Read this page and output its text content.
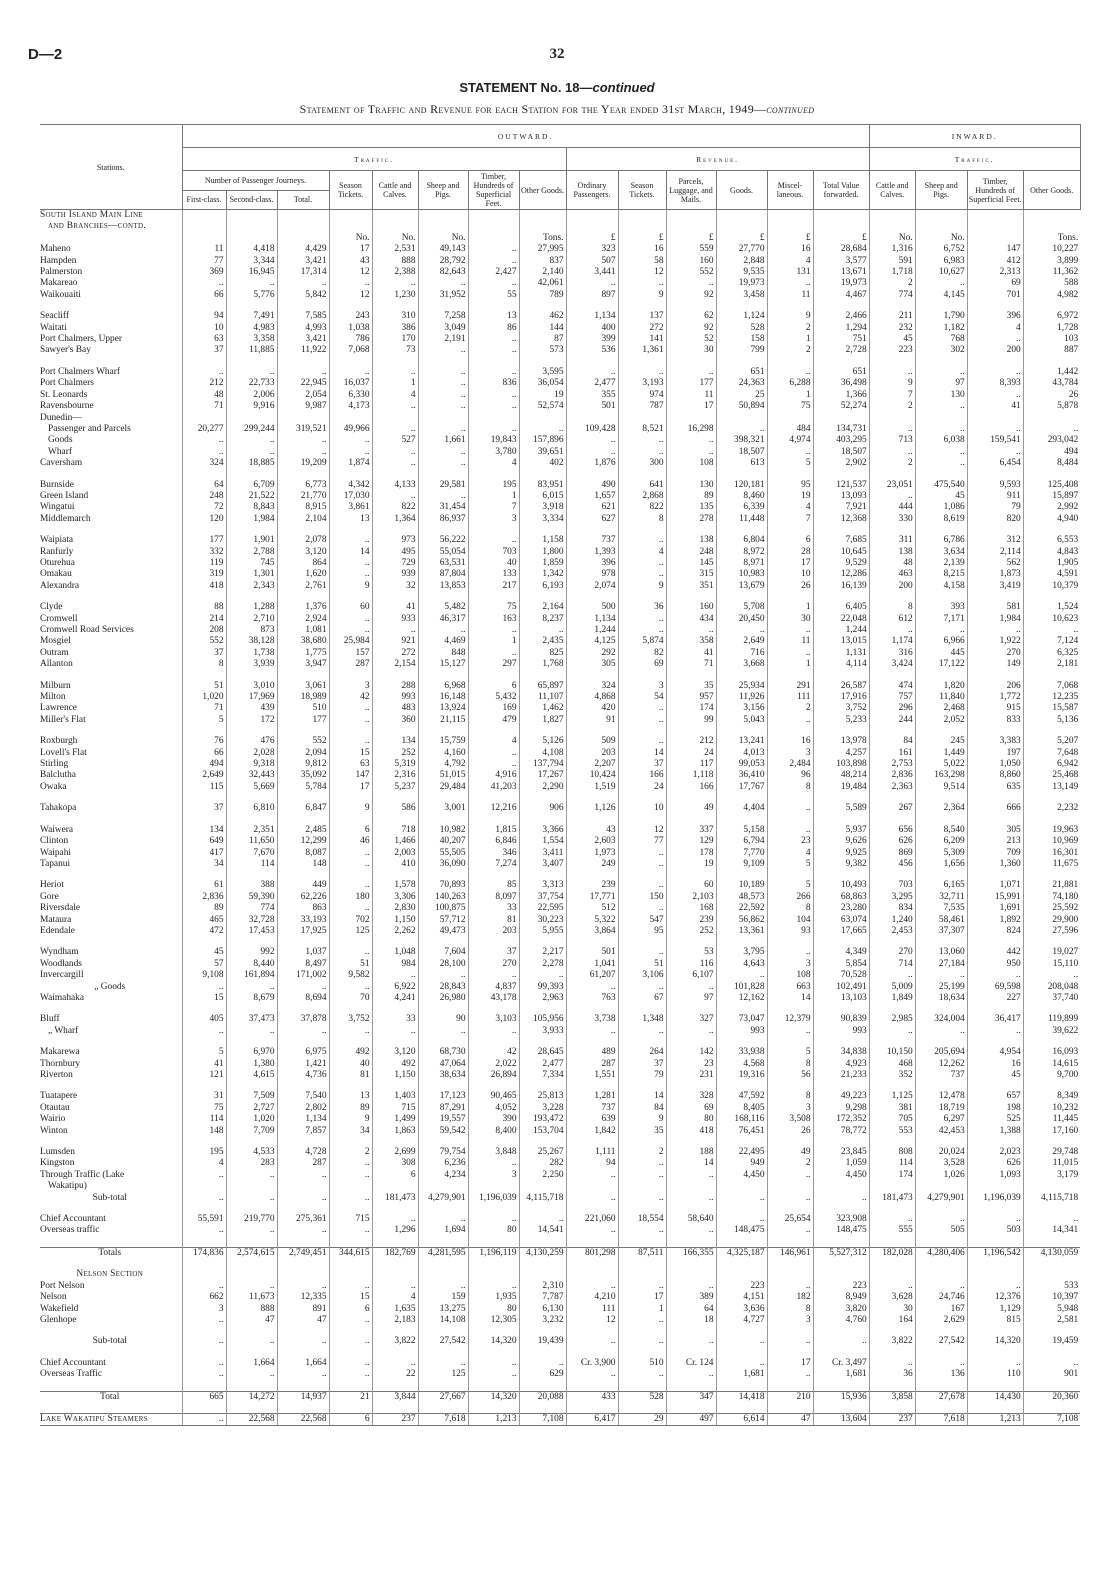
D—2	32
STATEMENT No. 18—continued
Statement of Traffic and Revenue for each Station for the Year ended 31st March, 1949—continued
Stations.	OUTWARD.														INWARD.			
	Traffic.								Revenue.						Traffic.			
	Number of Passenger Journeys.			Season Tickets.	Cattle and Calves.	Sheep and Pigs.	Timber, Hundreds of Superficial Feet.	Other Goods.	Ordinary Passengers.	Season Tickets.	Parcels, Luggage, and Mails.	Goods.	Miscel-laneous.	Total Value forwarded.	Cattle and Calves.	Sheep and Pigs.	Timber, Hundreds of Superficial Feet.	Other Goods.
	First-class.	Second-class.	Total.															
South Island Main Line																		
and Branches—contd.																		
				No.	No.	No.		Tons.	£	£	£	£	£	£	No.	No.		Tons.
Maheno	11	4,418	4,429	17	2,531	49,143	..	27,995	323	16	559	27,770	16	28,684	1,316	6,752	147	10,227
Hampden	77	3,344	3,421	43	888	28,792	..	837	507	58	160	2,848	4	3,577	591	6,983	412	3,899
Palmerston	369	16,945	17,314	12	2,388	82,643	2,427	2,140	3,441	12	552	9,535	131	13,671	1,718	10,627	2,313	11,362
Makareao	..	..	..	..	..	..	..	42,061	..	..	..	19,973	..	19,973	2	..	69	588
Waikouaiti	66	5,776	5,842	12	1,230	31,952	55	789	897	9	92	3,458	11	4,467	774	4,145	701	4,982

Seacliff	94	7,491	7,585	243	310	7,258	13	462	1,134	137	62	1,124	9	2,466	211	1,790	396	6,972
Waitati	10	4,983	4,993	1,038	386	3,049	86	144	400	272	92	528	2	1,294	232	1,182	4	1,728
Port Chalmers, Upper	63	3,358	3,421	786	170	2,191	..	87	399	141	52	158	1	751	45	768	..	103
Sawyer's Bay	37	11,885	11,922	7,068	73	..	..	573	536	1,361	30	799	2	2,728	223	302	200	887

Port Chalmers Wharf	..	..	..	..	..	..	..	3,595	..	..	..	651	..	651	..	..	..	1,442
Port Chalmers	212	22,733	22,945	16,037	1	..	836	36,054	2,477	3,193	177	24,363	6,288	36,498	9	97	8,393	43,784
St. Leonards	48	2,006	2,054	6,330	4	..	..	19	355	974	11	25	1	1,366	7	130	..	26
Ravensbourne	71	9,916	9,987	4,173	..	..	..	52,574	501	787	17	50,894	75	52,274	2	..	41	5,878
Dunedin—																		
Passenger and Parcels	20,277	299,244	319,521	49,966	..	..	..	..	109,428	8,521	16,298	..	484	134,731	..	..	..	..
Goods	..	..	..	..	527	1,661	19,843	157,896	..	..	..	398,321	4,974	403,295	713	6,038	159,541	293,042
Wharf	..	..	..	..	..	..	3,780	39,651	..	..	..	18,507	..	18,507	..	..	..	494
Caversham	324	18,885	19,209	1,874	..	..	4	402	1,876	300	108	613	5	2,902	2	..	6,454	8,484

Burnside	64	6,709	6,773	4,342	4,133	29,581	195	83,951	490	641	130	120,181	95	121,537	23,051	475,540	9,593	125,408
Green Island	248	21,522	21,770	17,030	..	..	1	6,015	1,657	2,868	89	8,460	19	13,093	..	45	911	15,897
Wingatui	72	8,843	8,915	3,861	822	31,454	7	3,918	621	822	135	6,339	4	7,921	444	1,086	79	2,992
Middlemarch	120	1,984	2,104	13	1,364	86,937	3	3,334	627	8	278	11,448	7	12,368	330	8,619	820	4,940

Waipiata	177	1,901	2,078	..	973	56,222	..	1,158	737	..	138	6,804	6	7,685	311	6,786	312	6,553
Ranfurly	332	2,788	3,120	14	495	55,054	703	1,800	1,393	4	248	8,972	28	10,645	138	3,634	2,114	4,843
Oturehua	119	745	864	..	729	63,531	40	1,859	396	..	145	8,971	17	9,529	48	2,139	562	1,905
Omakau	319	1,301	1,620	..	939	87,804	133	1,342	978	..	315	10,983	10	12,286	463	8,215	1,873	4,591
Alexandra	418	2,343	2,761	9	32	13,853	217	6,193	2,074	9	351	13,679	26	16,139	200	4,158	3,419	10,379

Clyde	88	1,288	1,376	60	41	5,482	75	2,164	500	36	160	5,708	1	6,405	8	393	581	1,524
Cromwell	214	2,710	2,924	..	933	46,317	163	8,237	1,134	..	434	20,450	30	22,048	612	7,171	1,984	10,623
Cromwell Road Services	208	873	1,081	..	..	..	..	..	1,244	..	..	..	..	1,244	..	..	..	..
Mosgiel	552	38,128	38,680	25,984	921	4,469	1	2,435	4,125	5,874	358	2,649	11	13,015	1,174	6,966	1,922	7,124
Outram	37	1,738	1,775	157	272	848	..	825	292	82	41	716	..	1,131	316	445	270	6,325
Allanton	8	3,939	3,947	287	2,154	15,127	297	1,768	305	69	71	3,668	1	4,114	3,424	17,122	149	2,181

Milburn	51	3,010	3,061	3	288	6,968	6	65,897	324	3	35	25,934	291	26,587	474	1,820	206	7,068
Milton	1,020	17,969	18,989	42	993	16,148	5,432	11,107	4,868	54	957	11,926	111	17,916	757	11,840	1,772	12,235
Lawrence	71	439	510	..	483	13,924	169	1,462	420	..	174	3,156	2	3,752	296	2,468	915	15,587
Miller's Flat	5	172	177	..	360	21,115	479	1,827	91	..	99	5,043	..	5,233	244	2,052	833	5,136

Roxburgh	76	476	552	..	134	15,759	4	5,126	509	..	212	13,241	16	13,978	84	245	3,383	5,207
Lovell's Flat	66	2,028	2,094	15	252	4,160	..	4,108	203	14	24	4,013	3	4,257	161	1,449	197	7,648
Stirling	494	9,318	9,812	63	5,319	4,792	..	137,794	2,207	37	117	99,053	2,484	103,898	2,753	5,022	1,050	6,942
Balclutha	2,649	32,443	35,092	147	2,316	51,015	4,916	17,267	10,424	166	1,118	36,410	96	48,214	2,836	163,298	8,860	25,468
Owaka	115	5,669	5,784	17	5,237	29,484	41,203	2,290	1,519	24	166	17,767	8	19,484	2,363	9,514	635	13,149

Tahakopa	37	6,810	6,847	9	586	3,001	12,216	906	1,126	10	49	4,404	..	5,589	267	2,364	666	2,232

Waiwera	134	2,351	2,485	6	718	10,982	1,815	3,366	43	12	337	5,158	..	5,937	656	8,540	305	19,963
Clinton	649	11,650	12,299	46	1,466	40,207	6,846	1,554	2,603	77	129	6,794	23	9,626	626	6,209	213	10,969
Waipahi	417	7,670	8,087	..	2,003	55,505	346	3,411	1,973	..	178	7,770	4	9,925	869	5,309	709	16,301
Tapanui	34	114	148	..	410	36,090	7,274	3,407	249	..	19	9,109	5	9,382	456	1,656	1,360	11,675

Heriot	61	388	449	..	1,578	70,893	85	3,313	239	..	60	10,189	5	10,493	703	6,165	1,071	21,881
Gore	2,836	59,390	62,226	180	3,306	140,263	8,097	37,754	17,771	150	2,103	48,573	266	68,863	3,295	32,711	15,991	74,180
Riversdale	89	774	863	..	2,830	100,875	33	22,595	512	..	168	22,592	8	23,280	834	7,535	1,691	25,592
Mataura	465	32,728	33,193	702	1,150	57,712	81	30,223	5,322	547	239	56,862	104	63,074	1,240	58,461	1,892	29,900
Edendale	472	17,453	17,925	125	2,262	49,473	203	5,955	3,864	95	252	13,361	93	17,665	2,453	37,307	824	27,596

Wyndham	45	992	1,037	..	1,048	7,604	37	2,217	501	..	53	3,795	..	4,349	270	13,060	442	19,027
Woodlands	57	8,440	8,497	51	984	28,100	270	2,278	1,041	51	116	4,643	3	5,854	714	27,184	950	15,110
Invercargill	9,108	161,894	171,002	9,582	..	..	..	..	61,207	3,106	6,107	..	108	70,528	..	..	..	..
„ Goods	..	..	..	..	6,922	28,843	4,837	99,393	..	..	..	101,828	663	102,491	5,009	25,199	69,598	208,048
Waimahaka	15	8,679	8,694	70	4,241	26,980	43,178	2,963	763	67	97	12,162	14	13,103	1,849	18,634	227	37,740

Bluff	405	37,473	37,878	3,752	33	90	3,103	105,956	3,738	1,348	327	73,047	12,379	90,839	2,985	324,004	36,417	119,899
„ Wharf	..	..	..	..	..	..	..	3,933	..	..	..	993	..	993	..	..	..	39,622

Makarewa	5	6,970	6,975	492	3,120	68,730	42	28,645	489	264	142	33,938	5	34,838	10,150	205,694	4,954	16,093
Thornbury	41	1,380	1,421	40	492	47,064	2,022	2,477	287	37	23	4,568	8	4,923	468	12,262	16	14,615
Riverton	121	4,615	4,736	81	1,150	38,634	26,894	7,334	1,551	79	231	19,316	56	21,233	352	737	45	9,700

Tuatapere	31	7,509	7,540	13	1,403	17,123	90,465	25,813	1,281	14	328	47,592	8	49,223	1,125	12,478	657	8,349
Otautau	75	2,727	2,802	89	715	87,291	4,052	3,228	737	84	69	8,405	3	9,298	381	18,719	198	10,232
Wairio	114	1,020	1,134	9	1,499	19,557	390	193,472	639	9	80	168,116	3,508	172,352	705	6,297	525	11,445
Winton	148	7,709	7,857	34	1,863	59,542	8,400	153,704	1,842	35	418	76,451	26	78,772	553	42,453	1,388	17,160

Lumsden	195	4,533	4,728	2	2,699	79,754	3,848	25,267	1,111	2	188	22,495	49	23,845	808	20,024	2,023	29,748
Kingston	4	283	287	..	308	6,236	..	282	94	..	14	949	2	1,059	114	3,528	626	11,015
Through Traffic (Lake	..	..	..	..	6	4,234	3	2,250	..	..	..	4,450	..	4,450	174	1,026	1,093	3,179
Wakatipu)																		
Sub-total	..	..	..	..	181,473	4,279,901	1,196,039	4,115,718	..	..	..	..	..	..	181,473	4,279,901	1,196,039	4,115,718

Chief Accountant	55,591	219,770	275,361	715	..	..	..	..	221,060	18,554	58,640	..	25,654	323,908	..	..	..	..
Overseas traffic	..	..	..	..	1,296	1,694	80	14,541	..	..	..	148,475	..	148,475	555	505	503	14,341

Totals	174,836	2,574,615	2,749,451	344,615	182,769	4,281,595	1,196,119	4,130,259	801,298	87,511	166,355	4,325,187	146,961	5,527,312	182,028	4,280,406	1,196,542	4,130,059

Nelson Section																		
Port Nelson	..	..	..	..	..	..	..	2,310	..	..	..	223	..	223	..	..	..	533
Nelson	662	11,673	12,335	15	4	159	1,935	7,787	4,210	17	389	4,151	182	8,949	3,628	24,746	12,376	10,397
Wakefield	3	888	891	6	1,635	13,275	80	6,130	111	1	64	3,636	8	3,820	30	167	1,129	5,948
Glenhope	..	47	47	..	2,183	14,108	12,305	3,232	12	..	18	4,727	3	4,760	164	2,629	815	2,581

Sub-total	..	..	..	..	3,822	27,542	14,320	19,439	..	..	..	..	..	..	3,822	27,542	14,320	19,459

Chief Accountant	..	1,664	1,664	..	..	..	..	..	Cr. 3,900	510	Cr. 124	..	17	Cr. 3,497	..	..	..	..
Overseas Traffic	..	..	..	..	22	125	..	629	..	..	..	1,681	..	1,681	36	136	110	901

Total	665	14,272	14,937	21	3,844	27,667	14,320	20,088	433	528	347	14,418	210	15,936	3,858	27,678	14,430	20,360

Lake Wakatipu Steamers	..	22,568	22,568	6	237	7,618	1,213	7,108	6,417	29	497	6,614	47	13,604	237	7,618	1,213	7,108
